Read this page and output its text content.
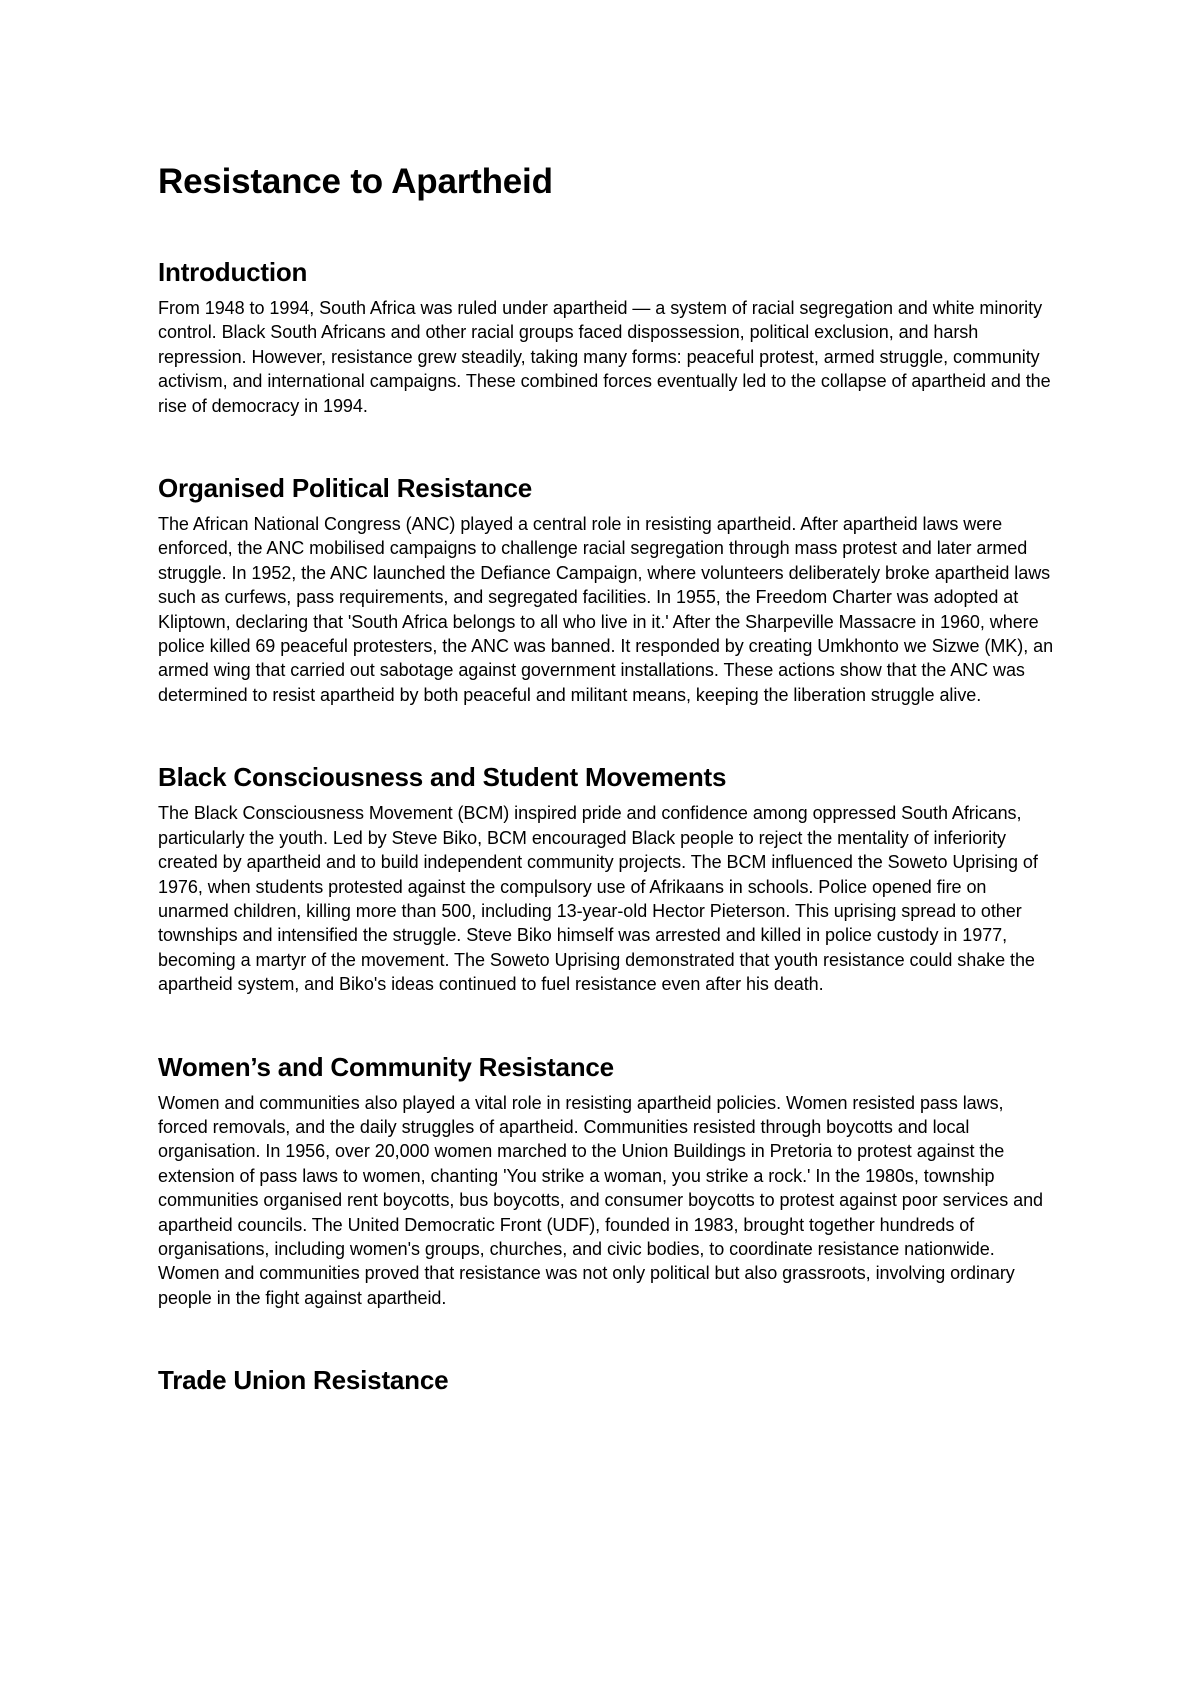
Resistance to Apartheid
Introduction

From 1948 to 1994, South Africa was ruled under apartheid — a system of racial segregation and white minority control. Black South Africans and other racial groups faced dispossession, political exclusion, and harsh repression. However, resistance grew steadily, taking many forms: peaceful protest, armed struggle, community activism, and international campaigns. These combined forces eventually led to the collapse of apartheid and the rise of democracy in 1994.

Organised Political Resistance

The African National Congress (ANC) played a central role in resisting apartheid. After apartheid laws were enforced, the ANC mobilised campaigns to challenge racial segregation through mass protest and later armed struggle. In 1952, the ANC launched the Defiance Campaign, where volunteers deliberately broke apartheid laws such as curfews, pass requirements, and segregated facilities. In 1955, the Freedom Charter was adopted at Kliptown, declaring that 'South Africa belongs to all who live in it.' After the Sharpeville Massacre in 1960, where police killed 69 peaceful protesters, the ANC was banned. It responded by creating Umkhonto we Sizwe (MK), an armed wing that carried out sabotage against government installations. These actions show that the ANC was determined to resist apartheid by both peaceful and militant means, keeping the liberation struggle alive.

Black Consciousness and Student Movements

The Black Consciousness Movement (BCM) inspired pride and confidence among oppressed South Africans, particularly the youth. Led by Steve Biko, BCM encouraged Black people to reject the mentality of inferiority created by apartheid and to build independent community projects. The BCM influenced the Soweto Uprising of 1976, when students protested against the compulsory use of Afrikaans in schools. Police opened fire on unarmed children, killing more than 500, including 13-year-old Hector Pieterson. This uprising spread to other townships and intensified the struggle. Steve Biko himself was arrested and killed in police custody in 1977, becoming a martyr of the movement. The Soweto Uprising demonstrated that youth resistance could shake the apartheid system, and Biko's ideas continued to fuel resistance even after his death.

Women’s and Community Resistance

Women and communities also played a vital role in resisting apartheid policies. Women resisted pass laws, forced removals, and the daily struggles of apartheid. Communities resisted through boycotts and local organisation. In 1956, over 20,000 women marched to the Union Buildings in Pretoria to protest against the extension of pass laws to women, chanting 'You strike a woman, you strike a rock.' In the 1980s, township communities organised rent boycotts, bus boycotts, and consumer boycotts to protest against poor services and apartheid councils. The United Democratic Front (UDF), founded in 1983, brought together hundreds of organisations, including women's groups, churches, and civic bodies, to coordinate resistance nationwide. Women and communities proved that resistance was not only political but also grassroots, involving ordinary people in the fight against apartheid.

Trade Union Resistance
